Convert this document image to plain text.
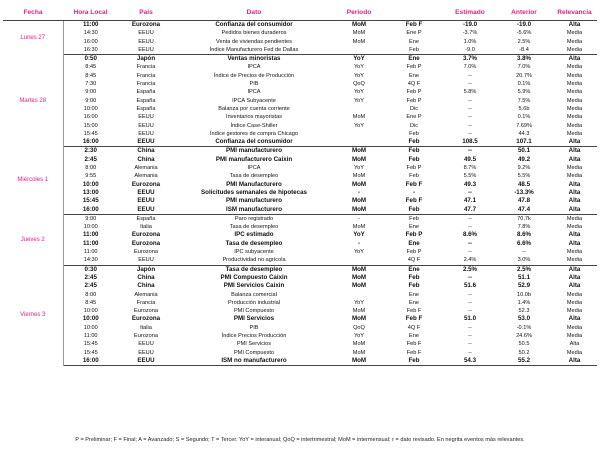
Fecha	Hora Local	País	Dato	Periodo		Estimado	Anterior	Relevancia
Lunes 27	11:00	Eurozona	Confianza del consumidor	MoM	Feb F	-19.0	-19.0	Alta
	14:30	EEUU	Pedidos bienes duraderos	MoM	Ene P	-3.7%	-5.6%	Media
	16:00	EEUU	Venta de viviendas pendientes	MoM	Ene	1.0%	2.5%	Media
	16:30	EEUU	Índice Manufacturero Fed de Dallas		Feb	-9.0	-8.4	Media
Martes 28	0:50	Japón	Ventas minoristas	YoY	Ene	3.7%	3.8%	Alta
	8:45	Francia	IPCA	YoY	Feb P	7.0%	7.0%	Media
	8:45	Francia	Índice de Precios de Producción	YoY	Ene	--	20.7%	Media
	7:30	Francia	PIB	QoQ	4Q F	--	0.1%	Media
	9:00	España	IPCA	YoY	Feb P	5.8%	5.9%	Media
	9:00	España	IPCA Subyacente	YoY	Feb P	--	7.5%	Media
	10:00	España	Balanza por cuenta corriente		Dic	--	5.6b	Media
	16:00	EEUU	Inventarios mayoristas	MoM	Ene P	--	0.1%	Media
	15:00	EEUU	Índice Case-Shiller	YoY	Dic	--	7.69%	Media
	15:45	EEUU	Índice gestores de compra Chicago		Feb	--	44.3	Media
	16:00	EEUU	Confianza del consumidor		Feb	108.5	107.1	Alta
Miércoles 1	2:30	China	PMI manufacturero	MoM	Feb	--	50.1	Alta
	2:45	China	PMI manufacturero Caixin	MoM	Feb	49.5	49.2	Alta
	8:00	Alemania	IPCA	YoY	Feb P	8.7%	9.2%	Media
	9:55	Alemania	Tasa de desempleo	MoM	Feb	5.5%	5.5%	Media
	10:00	Eurozona	PMI Manufacturero	MoM	Feb F	49.3	48.5	Alta
	13:00	EEUU	Solicitudes semanales de hipotecas	-	-	--	-13.3%	Alta
	15:45	EEUU	PMI manufacturero	MoM	Feb F	47.1	47.8	Alta
	16:00	EEUU	ISM manufacturero	MoM	Feb	47.7	47.4	Alta
Jueves 2	9:00	España	Paro registrado	-	Feb	--	70.7k	Media
	10:00	Italia	Tasa de desempleo	MoM	Ene	--	7.8%	Media
	11:00	Eurozona	IPC estimado	YoY	Feb P	8.6%	8.6%	Alta
	11:00	Eurozona	Tasa de desempleo	-	Ene	--	6.6%	Alta
	11:00	Eurozona	IPC subyacente	YoY	Feb P	--	--	Media
	14:30	EEUU	Productividad no agrícola		4Q F	2.4%	3.0%	Media
Viernes 3	0:30	Japón	Tasa de desempleo	MoM	Ene	2.5%	2.5%	Alta
	2:45	China	PMI Compuesto Caixin	MoM	Feb	--	51.1	Alta
	2:45	China	PMI Servicios Caixin	MoM	Feb	51.6	52.9	Alta
	8:00	Alemania	Balanza comercial		Ene	--	10.0b	Media
	8:45	Francia	Producción industrial	YoY	Ene	--	1.4%	Media
	10:00	Eurozona	PMI Compuesto	MoM	Feb F	--	52.3	Media
	10:00	Eurozona	PMI Servicios	MoM	Feb F	51.0	53.0	Alta
	10:00	Italia	PIB	QoQ	4Q F	--	-0.1%	Media
	11:00	Eurozona	Índice Precios Producción	YoY	Ene	--	24.6%	Media
	15:45	EEUU	PMI Servicios	MoM	Feb F	--	50.5	Alta
	15:45	EEUU	PMI Compuesto	MoM	Feb F	--	50.2	Media
	16:00	EEUU	ISM no manufacturero	MoM	Feb	54.3	55.2	Alta
P = Preliminar; F = Final; A = Avanzado; S = Segundo; T = Tercer. YoY = interanual; QoQ = intertrimestral; MoM = intermensual; r = dato revisado. En negrita eventos más relevantes.
